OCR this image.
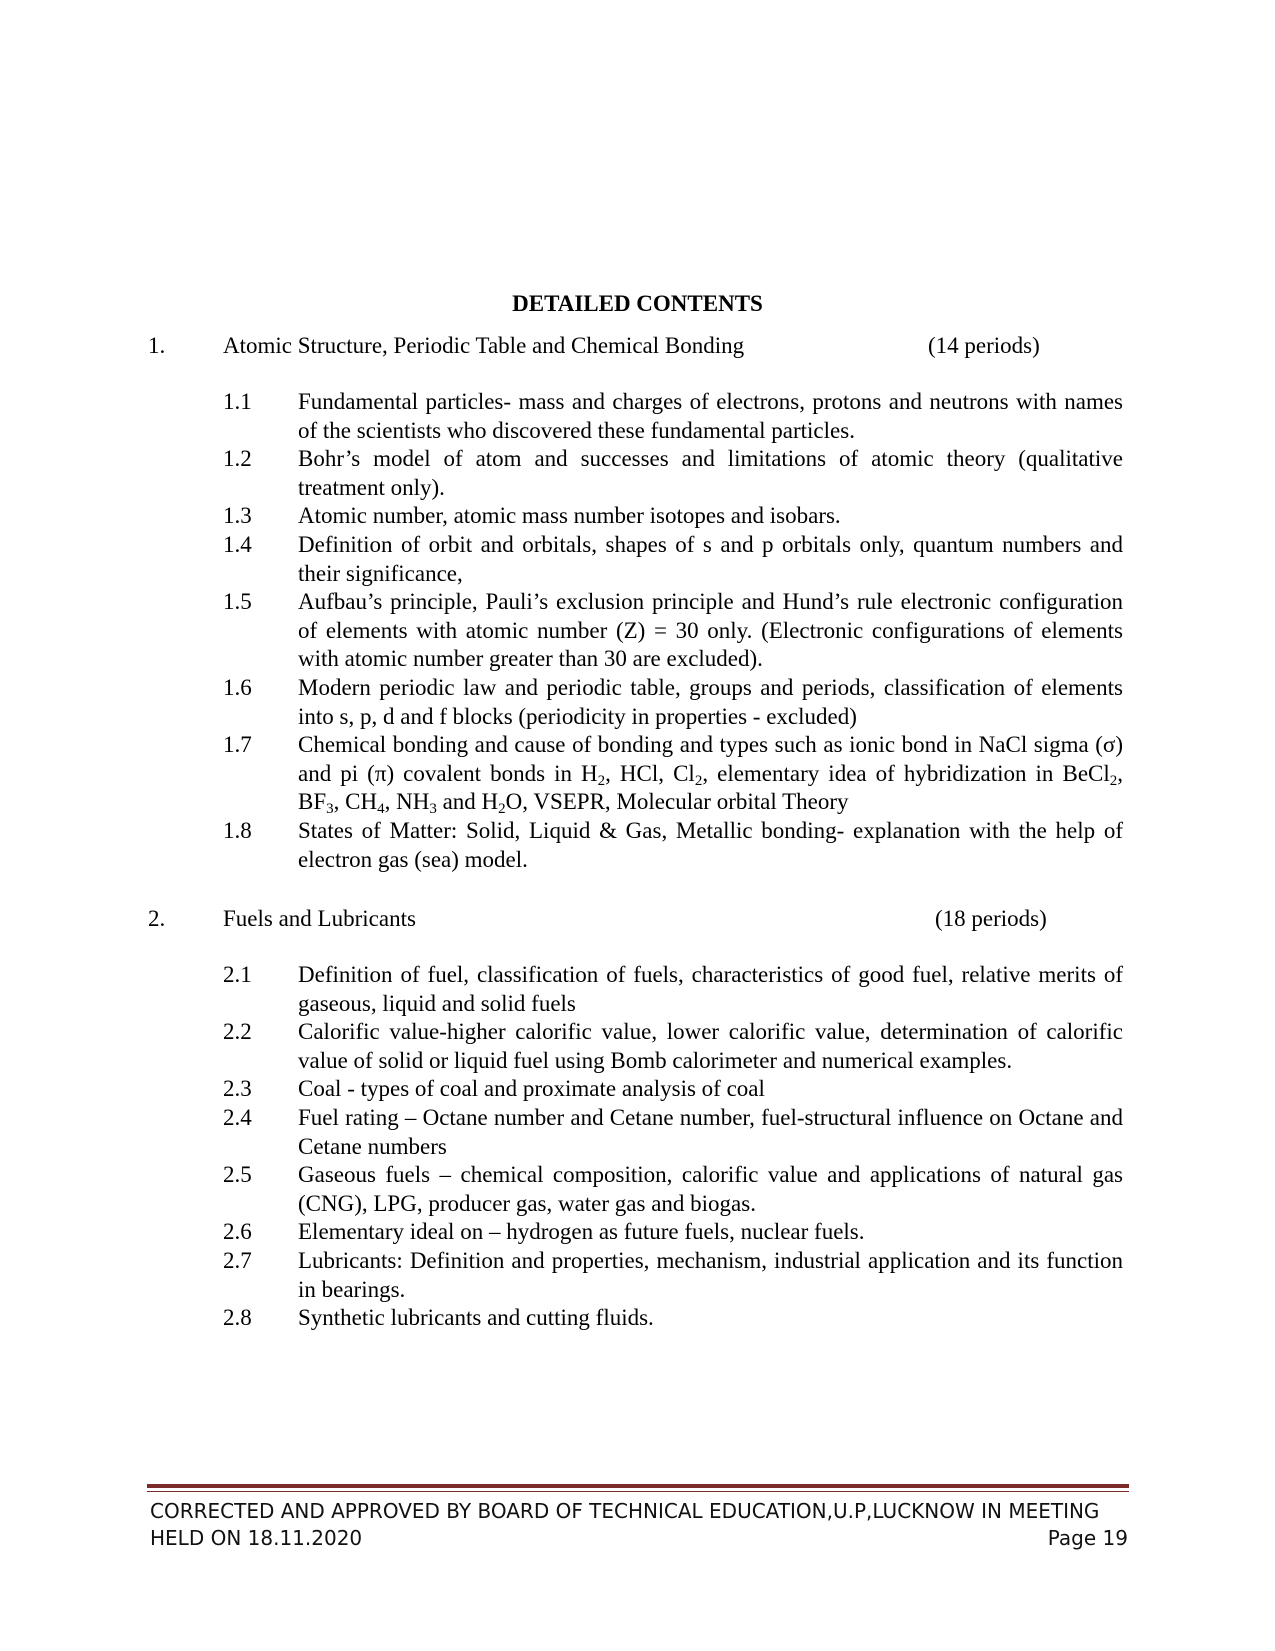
DETAILED CONTENTS
1.	Atomic Structure, Periodic Table and Chemical Bonding	(14 periods)
1.1	Fundamental particles- mass and charges of electrons, protons and neutrons with names of the scientists who discovered these fundamental particles.
1.2	Bohr’s model of atom and successes and limitations of atomic theory (qualitative treatment only).
1.3	Atomic number, atomic mass number isotopes and isobars.
1.4	Definition of orbit and orbitals, shapes of s and p orbitals only, quantum numbers and their significance,
1.5	Aufbau’s principle, Pauli’s exclusion principle and Hund’s rule electronic configuration of elements with atomic number (Z) = 30 only. (Electronic configurations of elements with atomic number greater than 30 are excluded).
1.6	Modern periodic law and periodic table, groups and periods, classification of elements into s, p, d and f blocks (periodicity in properties - excluded)
1.7	Chemical bonding and cause of bonding and types such as ionic bond in NaCl sigma (σ) and pi (π) covalent bonds in $H_2$, HCl, $Cl_2$, elementary idea of hybridization in BeCl$_2$, $BF_3$, $CH_4$, $NH_3$ and $H_2O$, VSEPR, Molecular orbital Theory
1.8	States of Matter: Solid, Liquid & Gas, Metallic bonding- explanation with the help of electron gas (sea) model.
2.	Fuels and Lubricants	(18 periods)
2.1	Definition of fuel, classification of fuels, characteristics of good fuel, relative merits of gaseous, liquid and solid fuels
2.2	Calorific value-higher calorific value, lower calorific value, determination of calorific value of solid or liquid fuel using Bomb calorimeter and numerical examples.
2.3	Coal - types of coal and proximate analysis of coal
2.4	Fuel rating – Octane number and Cetane number, fuel-structural influence on Octane and Cetane numbers
2.5	Gaseous fuels – chemical composition, calorific value and applications of natural gas (CNG), LPG, producer gas, water gas and biogas.
2.6	Elementary ideal on – hydrogen as future fuels, nuclear fuels.
2.7	Lubricants: Definition and properties, mechanism, industrial application and its function in bearings.
2.8	Synthetic lubricants and cutting fluids.
CORRECTED AND APPROVED BY BOARD OF TECHNICAL EDUCATION,U.P,LUCKNOW IN MEETING
HELD ON 18.11.2020	Page 19
